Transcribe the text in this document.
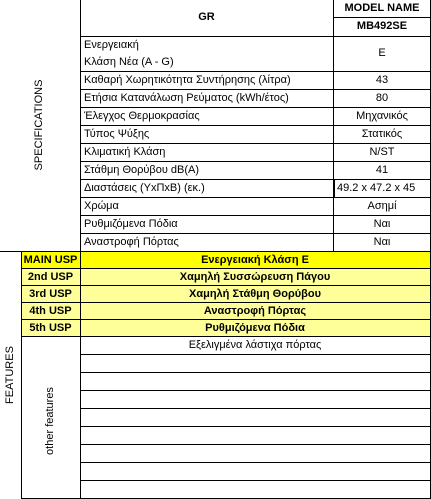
GR
MODEL NAME
MB492SE
SPECIFICATIONS
Ενεργειακή
Κλάση Νέα (A - G)
E
Καθαρή Χωρητικότητα Συντήρησης (λίτρα)	43
Ετήσια Κατανάλωση Ρεύματος (kWh/έτος)	80
Έλεγχος Θερμοκρασίας	Μηχανικός
Τύπος Ψύξης	Στατικός
Κλιματική Κλάση	N/ST
Στάθμη Θορύβου dB(A)	41
Διαστάσεις (ΥxΠxΒ) (εκ.)	49.2 x 47.2 x 45
Χρώμα	Ασημί
Ρυθμιζόμενα Πόδια	Ναι
Αναστροφή Πόρτας	Ναι
FEATURES
MAIN USP	Ενεργειακή Κλάση Ε
2nd USP	Χαμηλή Συσσώρευση Πάγου
3rd USP	Χαμηλή Στάθμη Θορύβου
4th USP	Αναστροφή Πόρτας
5th USP	Ρυθμιζόμενα Πόδια
other features
Εξελιγμένα λάστιχα πόρτας
